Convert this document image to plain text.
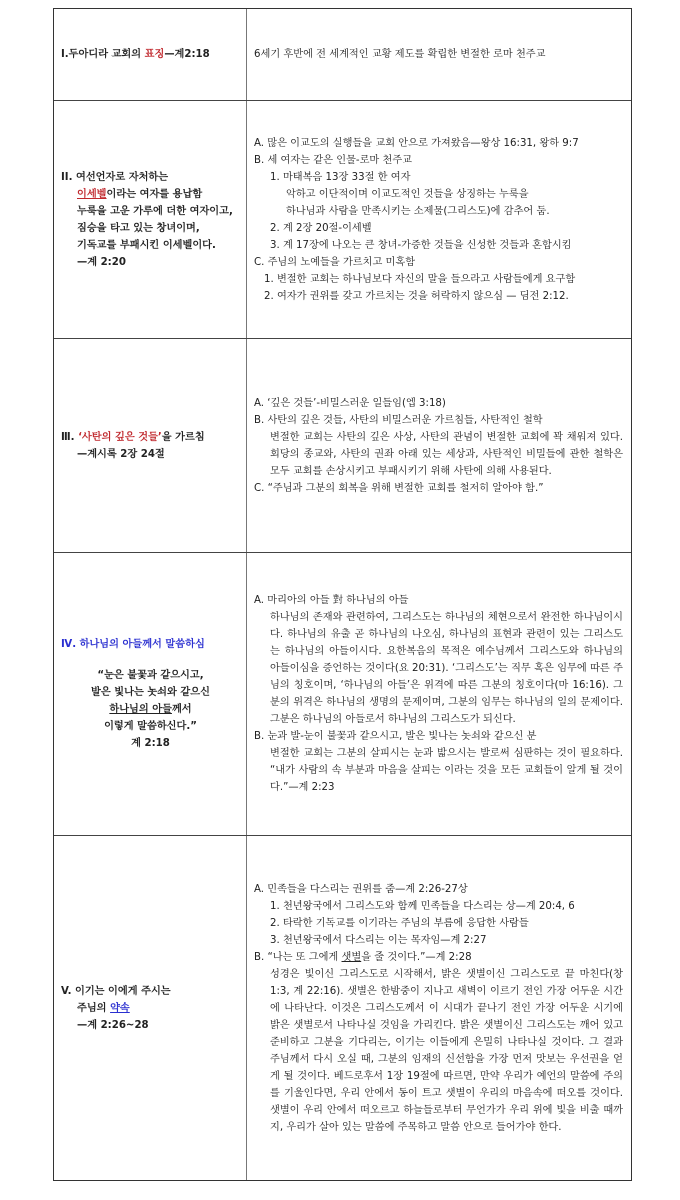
Ⅰ.두아디라 교회의 표징—계2:18	6세기 후반에 전 세계적인 교황 제도를 확립한 변절한 로마 천주교
II. 여선언자로 자처하는
이세벨이라는 여자를 용납함
누룩을 고운 가루에 더한 여자이고,
짐승을 타고 있는 창녀이며,
기독교를 부패시킨 이세벨이다.
—계 2:20
A. 많은 이교도의 실행들을 교회 안으로 가져왔음—왕상 16:31, 왕하 9:7
B. 세 여자는 같은 인물-로마 천주교
1. 마태복음 13장 33절 한 여자
악하고 이단적이며 이교도적인 것들을 상징하는 누룩을
하나님과 사람을 만족시키는 소제물(그리스도)에 감추어 둠.
2. 계 2장 20절-이세벨
3. 계 17장에 나오는 큰 창녀-가증한 것들을 신성한 것들과 혼합시킴
C. 주님의 노예들을 가르치고 미혹함
1. 변절한 교회는 하나님보다 자신의 말을 들으라고 사람들에게 요구함
2. 여자가 권위를 갖고 가르치는 것을 허락하지 않으심 — 딤전 2:12.
Ⅲ. ‘사탄의 깊은 것들’을 가르침
—계시록 2장 24절
A. ‘깊은 것들’-비밀스러운 일들임(엡 3:18)
B. 사탄의 깊은 것들, 사탄의 비밀스러운 가르침들, 사탄적인 철학
변절한 교회는 사탄의 깊은 사상, 사탄의 관념이 변절한 교회에 꽉 채워져 있다. 회당의 종교와, 사탄의 권좌 아래 있는 세상과, 사탄적인 비밀들에 관한 철학은 모두 교회를 손상시키고 부패시키기 위해 사탄에 의해 사용된다.
C. “주님과 그분의 회복을 위해 변절한 교회를 철저히 알아야 함.”
Ⅳ. 하나님의 아들께서 말씀하심
“눈은 불꽃과 같으시고,
발은 빛나는 놋쇠와 같으신
하나님의 아들께서
이렇게 말씀하신다.”
계 2:18
A. 마리아의 아들 對 하나님의 아들
하나님의 존재와 관련하여, 그리스도는 하나님의 체현으로서 완전한 하나님이시다. 하나님의 유출 곧 하나님의 나오심, 하나님의 표현과 관련이 있는 그리스도는 하나님의 아들이시다. 요한복음의 목적은 예수님께서 그리스도와 하나님의 아들이심을 증언하는 것이다(요 20:31). ‘그리스도’는 직무 혹은 임무에 따른 주님의 칭호이며, ‘하나님의 아들’은 위격에 따른 그분의 칭호이다(마 16:16). 그분의 위격은 하나님의 생명의 문제이며, 그분의 임무는 하나님의 일의 문제이다. 그분은 하나님의 아들로서 하나님의 그리스도가 되신다.
B. 눈과 발-눈이 불꽃과 같으시고, 발은 빛나는 놋쇠와 같으신 분
변절한 교회는 그분의 살피시는 눈과 밟으시는 발로써 심판하는 것이 필요하다. “내가 사람의 속 부분과 마음을 살피는 이라는 것을 모든 교회들이 알게 될 것이다.”—계 2:23
V. 이기는 이에게 주시는
주님의 약속
—계 2:26~28
A. 민족들을 다스리는 권위를 줌—계 2:26-27상
1. 천년왕국에서 그리스도와 함께 민족들을 다스리는 상—계 20:4, 6
2. 타락한 기독교를 이기라는 주님의 부름에 응답한 사람들
3. 천년왕국에서 다스리는 이는 목자임—계 2:27
B. “나는 또 그에게 샛별을 줄 것이다.”—계 2:28
성경은 빛이신 그리스도로 시작해서, 밝은 샛별이신 그리스도로 끝 마친다(창 1:3, 계 22:16). 샛별은 한밤중이 지나고 새벽이 이르기 전인 가장 어두운 시간에 나타난다. 이것은 그리스도께서 이 시대가 끝나기 전인 가장 어두운 시기에 밝은 샛별로서 나타나실 것임을 가리킨다. 밝은 샛별이신 그리스도는 깨어 있고 준비하고 그분을 기다리는, 이기는 이들에게 은밀히 나타나실 것이다. 그 결과 주님께서 다시 오실 때, 그분의 임재의 신선함을 가장 먼저 맛보는 우선권을 얻게 될 것이다. 베드로후서 1장 19절에 따르면, 만약 우리가 예언의 말씀에 주의를 기울인다면, 우리 안에서 동이 트고 샛별이 우리의 마음속에 떠오를 것이다. 샛별이 우리 안에서 떠오르고 하늘들로부터 무언가가 우리 위에 빛을 비출 때까지, 우리가 살아 있는 말씀에 주목하고 말씀 안으로 들어가야 한다.
